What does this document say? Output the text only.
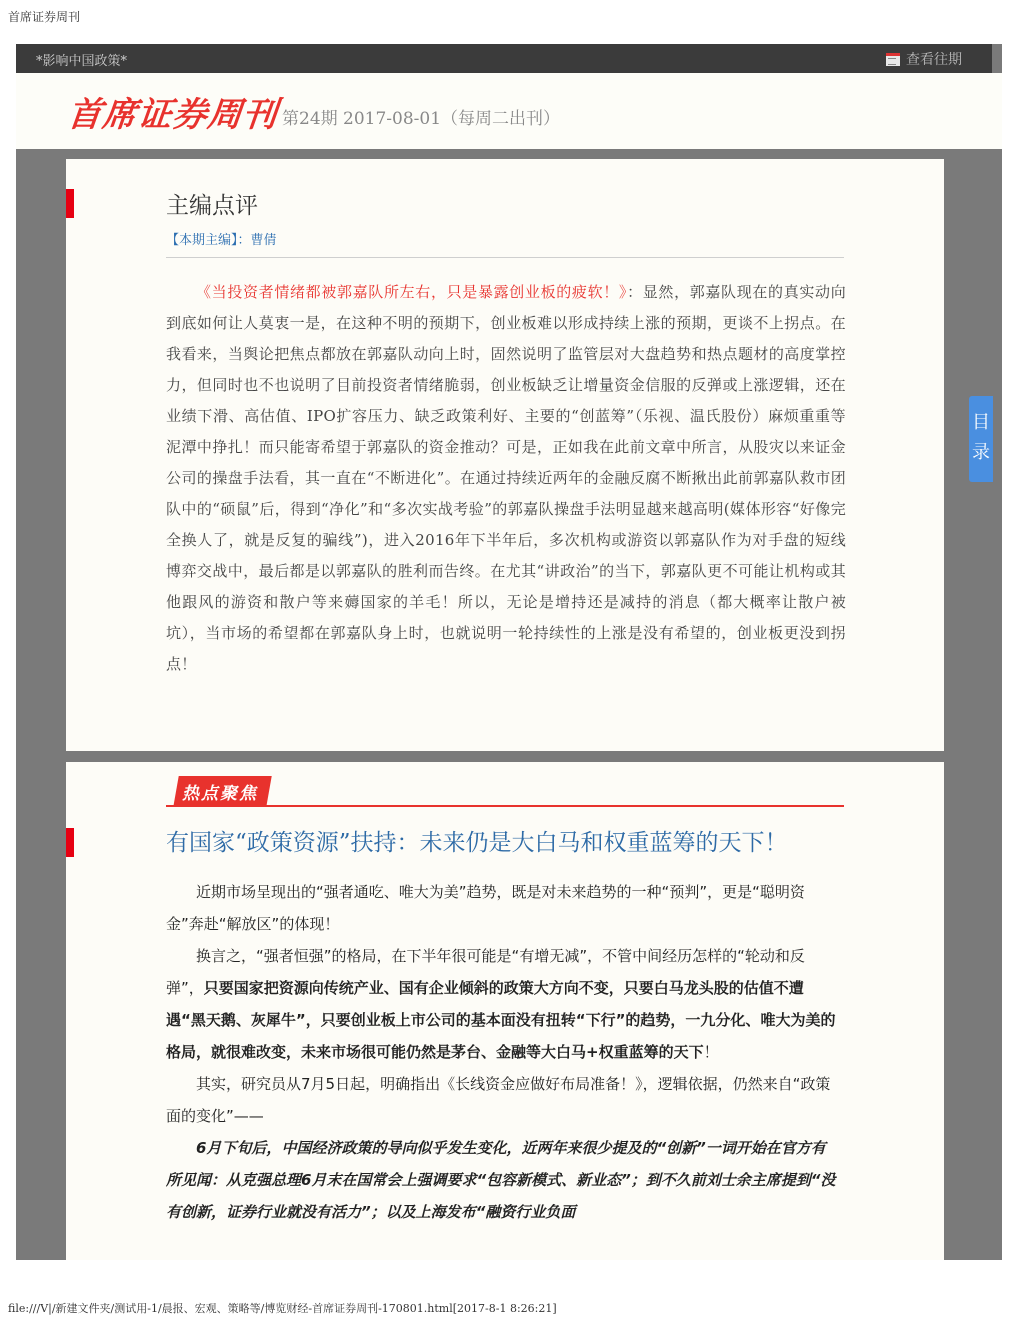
首席证券周刊
*影响中国政策*	查看往期
首席证券周刊 第24期 2017-08-01（每周二出刊）
主编点评
【本期主编】：曹倩

《当投资者情绪都被郭嘉队所左右，只是暴露创业板的疲软！》：显然，郭嘉队现在的真实动向到底如何让人莫衷一是，在这种不明的预期下，创业板难以形成持续上涨的预期，更谈不上拐点。在我看来，当舆论把焦点都放在郭嘉队动向上时，固然说明了监管层对大盘趋势和热点题材的高度掌控力，但同时也不也说明了目前投资者情绪脆弱，创业板缺乏让增量资金信服的反弹或上涨逻辑，还在业绩下滑、高估值、IPO扩容压力、缺乏政策利好、主要的“创蓝筹”（乐视、温氏股份）麻烦重重等泥潭中挣扎！而只能寄希望于郭嘉队的资金推动？可是，正如我在此前文章中所言，从股灾以来证金公司的操盘手法看，其一直在“不断进化”。在通过持续近两年的金融反腐不断揪出此前郭嘉队救市团队中的“硕鼠”后，得到“净化”和“多次实战考验”的郭嘉队操盘手法明显越来越高明(媒体形容“好像完全换人了，就是反复的骗线”)，进入2016年下半年后，多次机构或游资以郭嘉队作为对手盘的短线博弈交战中，最后都是以郭嘉队的胜利而告终。在尤其“讲政治”的当下，郭嘉队更不可能让机构或其他跟风的游资和散户等来薅国家的羊毛！所以，无论是增持还是减持的消息（都大概率让散户被坑），当市场的希望都在郭嘉队身上时，也就说明一轮持续性的上涨是没有希望的，创业板更没到拐点！

热点聚焦
有国家“政策资源”扶持：未来仍是大白马和权重蓝筹的天下！

近期市场呈现出的“强者通吃、唯大为美”趋势，既是对未来趋势的一种“预判”，更是“聪明资金”奔赴“解放区”的体现！

换言之，“强者恒强”的格局，在下半年很可能是“有增无减”，不管中间经历怎样的“轮动和反弹”，只要国家把资源向传统产业、国有企业倾斜的政策大方向不变，只要白马龙头股的估值不遭遇“黑天鹅、灰犀牛”，只要创业板上市公司的基本面没有扭转“下行”的趋势，一九分化、唯大为美的格局，就很难改变，未来市场很可能仍然是茅台、金融等大白马+权重蓝筹的天下！

其实，研究员从7月5日起，明确指出《长线资金应做好布局准备！》，逻辑依据，仍然来自“政策面的变化”——

6月下旬后，中国经济政策的导向似乎发生变化，近两年来很少提及的“创新”一词开始在官方有所见闻：从克强总理6月末在国常会上强调要求“包容新模式、新业态”；到不久前刘士余主席提到“没有创新，证券行业就没有活力”；以及上海发布“融资行业负面

目录
file:///V|/新建文件夹/测试用-1/晨报、宏观、策略等/博览财经-首席证券周刊-170801.html[2017-8-1 8:26:21]
